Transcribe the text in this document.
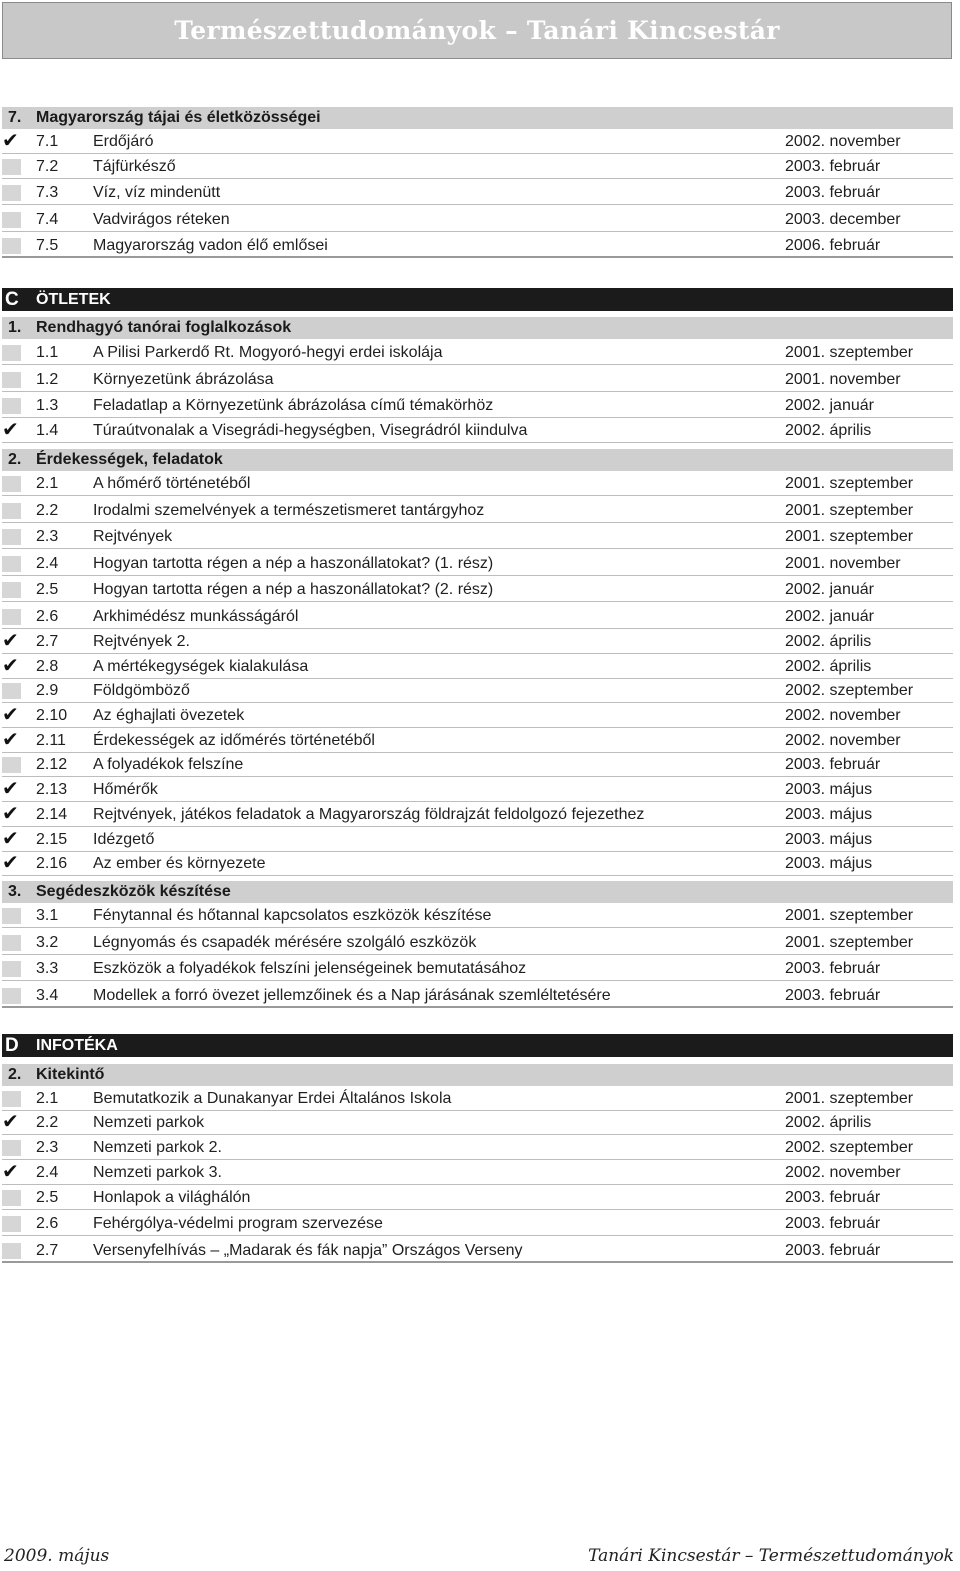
Természettudományok – Tanári Kincsestár
7. Magyarország tájai és életközösségei
✔ 7.1 Erdőjáró	2002. november
7.2 Tájfürkésző	2003. február
7.3 Víz, víz mindenütt	2003. február
7.4 Vadvirágos réteken	2003. december
7.5 Magyarország vadon élő emlősei	2006. február
C ÖTLETEK
1. Rendhagyó tanórai foglalkozások
1.1 A Pilisi Parkerdő Rt. Mogyoró-hegyi erdei iskolája	2001. szeptember
1.2 Környezetünk ábrázolása	2001. november
1.3 Feladatlap a Környezetünk ábrázolása című témakörhöz	2002. január
✔ 1.4 Túraútvonalak a Visegrádi-hegységben, Visegrádról kiindulva	2002. április
2. Érdekességek, feladatok
2.1 A hőmérő történetéből	2001. szeptember
2.2 Irodalmi szemelvények a természetismeret tantárgyhoz	2001. szeptember
2.3 Rejtvények	2001. szeptember
2.4 Hogyan tartotta régen a nép a haszonállatokat? (1. rész)	2001. november
2.5 Hogyan tartotta régen a nép a haszonállatokat? (2. rész)	2002. január
2.6 Arkhimédész munkásságáról	2002. január
✔ 2.7 Rejtvények 2.	2002. április
✔ 2.8 A mértékegységek kialakulása	2002. április
2.9 Földgömböző	2002. szeptember
✔ 2.10 Az éghajlati övezetek	2002. november
✔ 2.11 Érdekességek az időmérés történetéből	2002. november
2.12 A folyadékok felszíne	2003. február
✔ 2.13 Hőmérők	2003. május
✔ 2.14 Rejtvények, játékos feladatok a Magyarország földrajzát feldolgozó fejezethez	2003. május
✔ 2.15 Idézgető	2003. május
✔ 2.16 Az ember és környezete	2003. május
3. Segédeszközök készítése
3.1 Fénytannal és hőtannal kapcsolatos eszközök készítése	2001. szeptember
3.2 Légnyomás és csapadék mérésére szolgáló eszközök	2001. szeptember
3.3 Eszközök a folyadékok felszíni jelenségeinek bemutatásához	2003. február
3.4 Modellek a forró övezet jellemzőinek és a Nap járásának szemléltetésére	2003. február
D INFOTÉKA
2. Kitekintő
2.1 Bemutatkozik a Dunakanyar Erdei Általános Iskola	2001. szeptember
✔ 2.2 Nemzeti parkok	2002. április
2.3 Nemzeti parkok 2.	2002. szeptember
✔ 2.4 Nemzeti parkok 3.	2002. november
2.5 Honlapok a világhálón	2003. február
2.6 Fehérgólya-védelmi program szervezése	2003. február
2.7 Versenyfelhívás – „Madarak és fák napja” Országos Verseny	2003. február
2009. május	Tanári Kincsestár – Természettudományok
